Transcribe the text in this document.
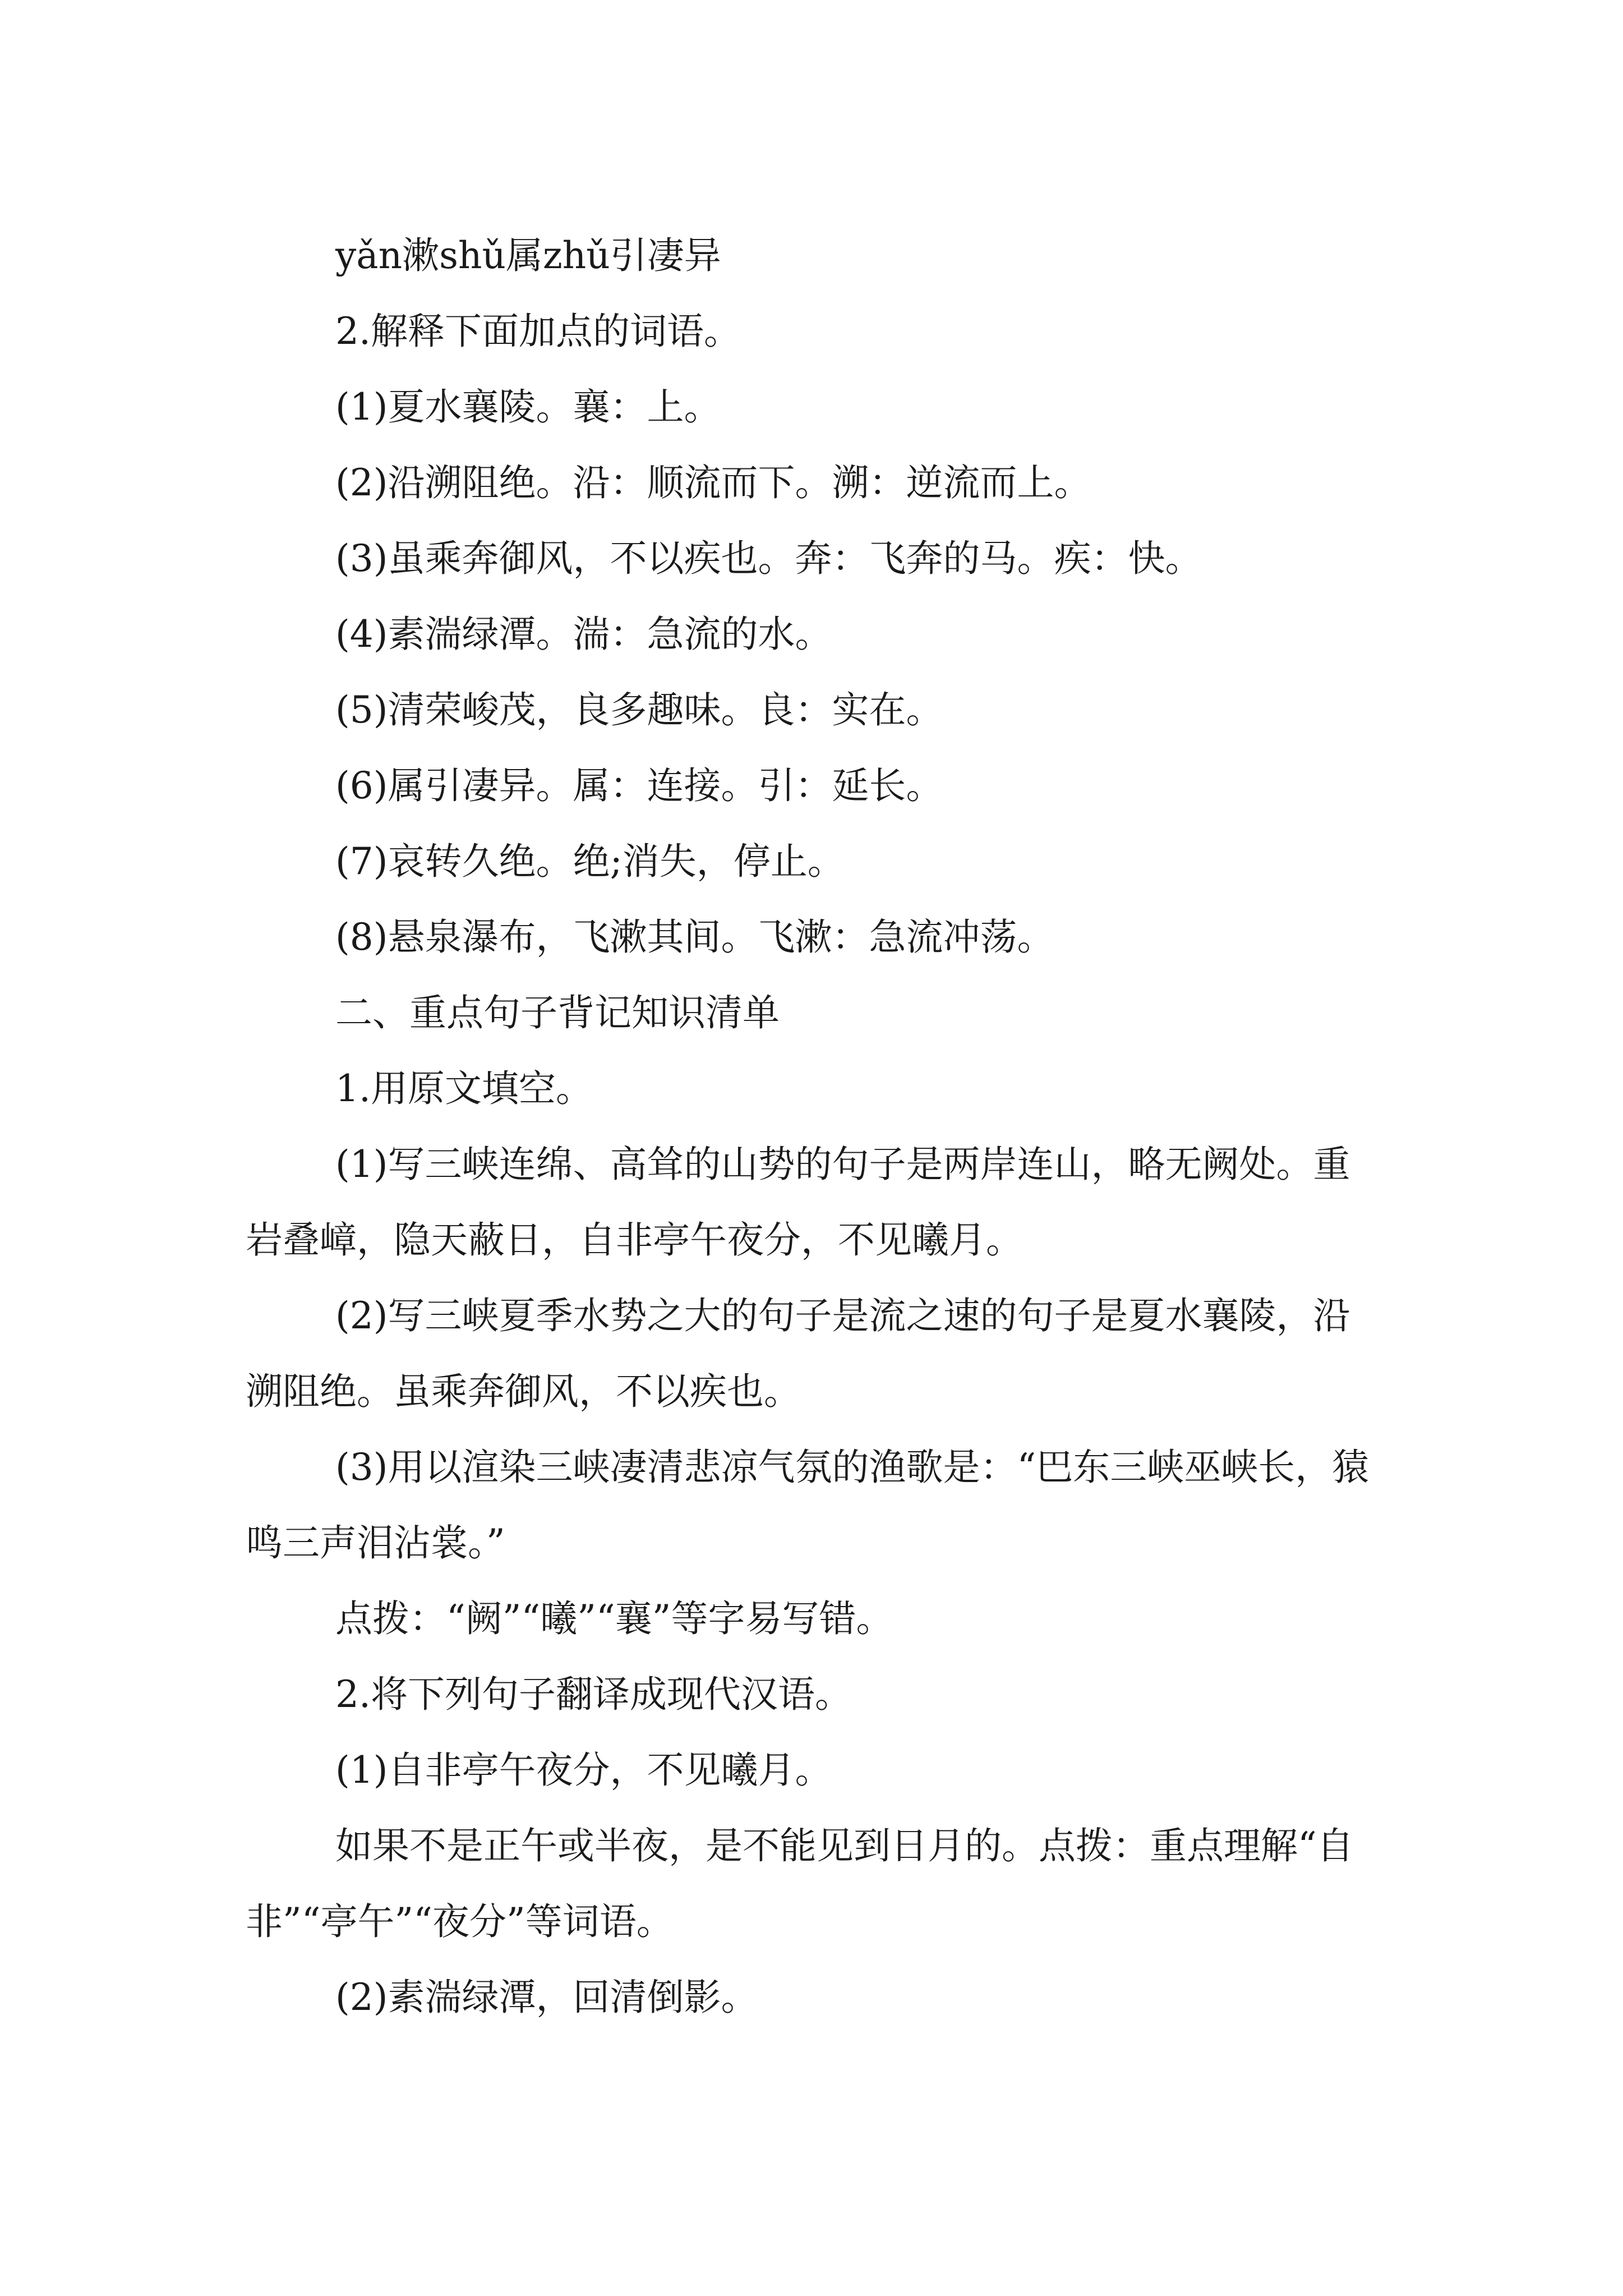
yǎn漱shǔ属zhǔ引凄异

2.解释下面加点的词语。

(1)夏水襄陵。襄：上。

(2)沿溯阻绝。沿：顺流而下。溯：逆流而上。

(3)虽乘奔御风，不以疾也。奔：飞奔的马。疾：快。

(4)素湍绿潭。湍：急流的水。

(5)清荣峻茂，良多趣味。良：实在。

(6)属引凄异。属：连接。引：延长。

(7)哀转久绝。绝;消失，停止。

(8)悬泉瀑布，飞漱其间。飞漱：急流冲荡。

二、重点句子背记知识清单

1.用原文填空。

(1)写三峡连绵、高耸的山势的句子是两岸连山，略无阙处。重岩叠嶂，隐天蔽日，自非亭午夜分，不见曦月。

(2)写三峡夏季水势之大的句子是流之速的句子是夏水襄陵，沿溯阻绝。虽乘奔御风，不以疾也。

(3)用以渲染三峡凄清悲凉气氛的渔歌是：“巴东三峡巫峡长，猿鸣三声泪沾裳。”

点拨：“阙”“曦”“襄”等字易写错。

2.将下列句子翻译成现代汉语。

(1)自非亭午夜分，不见曦月。

如果不是正午或半夜，是不能见到日月的。点拨：重点理解“自非”“亭午”“夜分”等词语。

(2)素湍绿潭，回清倒影。
